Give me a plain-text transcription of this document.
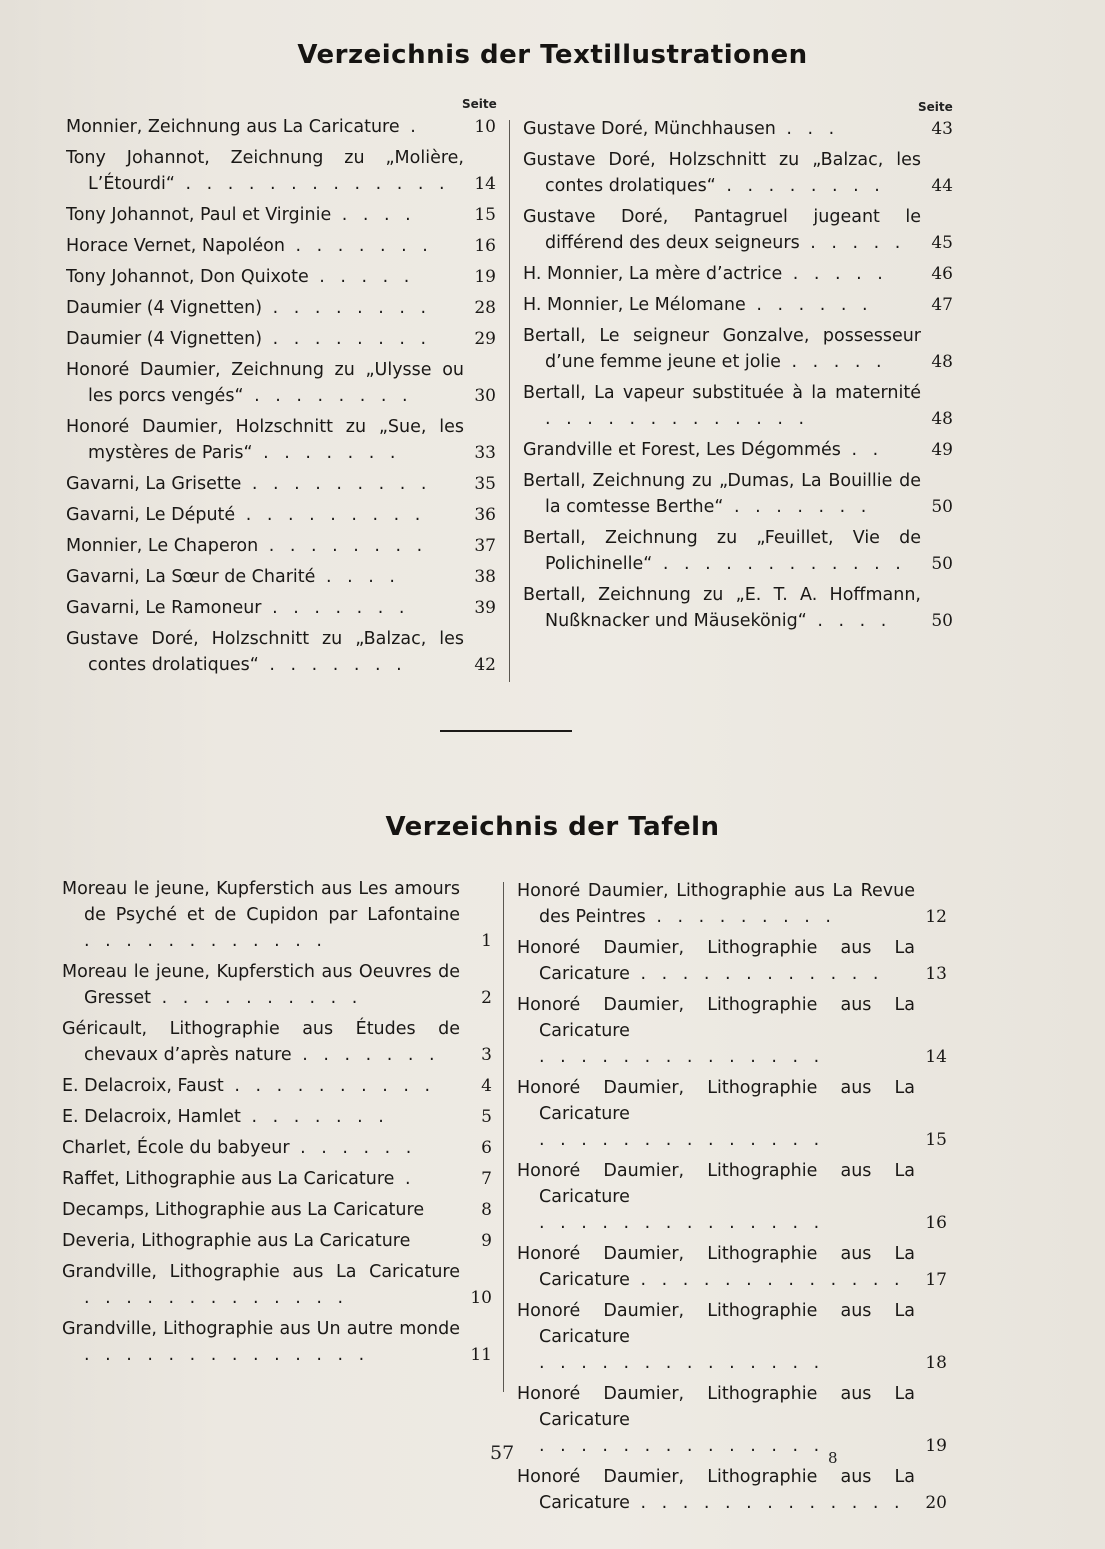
Verzeichnis der Textillustrationen
Seite	Seite
Monnier, Zeichnung aus La Caricature .	10
Tony Johannot, Zeichnung zu „Molière, L’Étourdi“ . . . . . . . . . . . . .	14
Tony Johannot, Paul et Virginie . . . .	15
Horace Vernet, Napoléon . . . . . . .	16
Tony Johannot, Don Quixote . . . . .	19
Daumier (4 Vignetten) . . . . . . . .	28
Daumier (4 Vignetten) . . . . . . . .	29
Honoré Daumier, Zeichnung zu „Ulysse ou les porcs vengés“ . . . . . . . .	30
Honoré Daumier, Holzschnitt zu „Sue, les mystères de Paris“ . . . . . . .	33
Gavarni, La Grisette . . . . . . . . .	35
Gavarni, Le Député . . . . . . . . .	36
Monnier, Le Chaperon . . . . . . . .	37
Gavarni, La Sœur de Charité . . . .	38
Gavarni, Le Ramoneur . . . . . . .	39
Gustave Doré, Holzschnitt zu „Balzac, les contes drolatiques“ . . . . . . .	42
Gustave Doré, Münchhausen . . .	43
Gustave Doré, Holzschnitt zu „Balzac, les contes drolatiques“ . . . . . . . .	44
Gustave Doré, Pantagruel jugeant le différend des deux seigneurs . . . . .	45
H. Monnier, La mère d’actrice . . . . .	46
H. Monnier, Le Mélomane . . . . . .	47
Bertall, Le seigneur Gonzalve, possesseur d’une femme jeune et jolie . . . . .	48
Bertall, La vapeur substituée à la maternité . . . . . . . . . . . . .	48
Grandville et Forest, Les Dégommés . .	49
Bertall, Zeichnung zu „Dumas, La Bouillie de la comtesse Berthe“ . . . . . . .	50
Bertall, Zeichnung zu „Feuillet, Vie de Polichinelle“ . . . . . . . . . . . .	50
Bertall, Zeichnung zu „E. T. A. Hoffmann, Nußknacker und Mäusekönig“ . . . .	50
Verzeichnis der Tafeln
Moreau le jeune, Kupferstich aus Les amours de Psyché et de Cupidon par Lafontaine . . . . . . . . . . . .	1
Moreau le jeune, Kupferstich aus Oeuvres de Gresset . . . . . . . . . .	2
Géricault, Lithographie aus Études de chevaux d’après nature . . . . . . .	3
E. Delacroix, Faust . . . . . . . . . .	4
E. Delacroix, Hamlet . . . . . . .	5
Charlet, École du babyeur . . . . . .	6
Raffet, Lithographie aus La Caricature .	7
Decamps, Lithographie aus La Caricature	8
Deveria, Lithographie aus La Caricature	9
Grandville, Lithographie aus La Caricature . . . . . . . . . . . . .	10
Grandville, Lithographie aus Un autre monde . . . . . . . . . . . . . .	11
Honoré Daumier, Lithographie aus La Revue des Peintres . . . . . . . . .	12
Honoré Daumier, Lithographie aus La Caricature . . . . . . . . . . . .	13
Honoré Daumier, Lithographie aus La Caricature . . . . . . . . . . . . . .	14
Honoré Daumier, Lithographie aus La Caricature . . . . . . . . . . . . . .	15
Honoré Daumier, Lithographie aus La Caricature . . . . . . . . . . . . . .	16
Honoré Daumier, Lithographie aus La Caricature . . . . . . . . . . . . .	17
Honoré Daumier, Lithographie aus La Caricature . . . . . . . . . . . . . .	18
Honoré Daumier, Lithographie aus La Caricature . . . . . . . . . . . . . .	19
Honoré Daumier, Lithographie aus La Caricature . . . . . . . . . . . . .	20
57	8
